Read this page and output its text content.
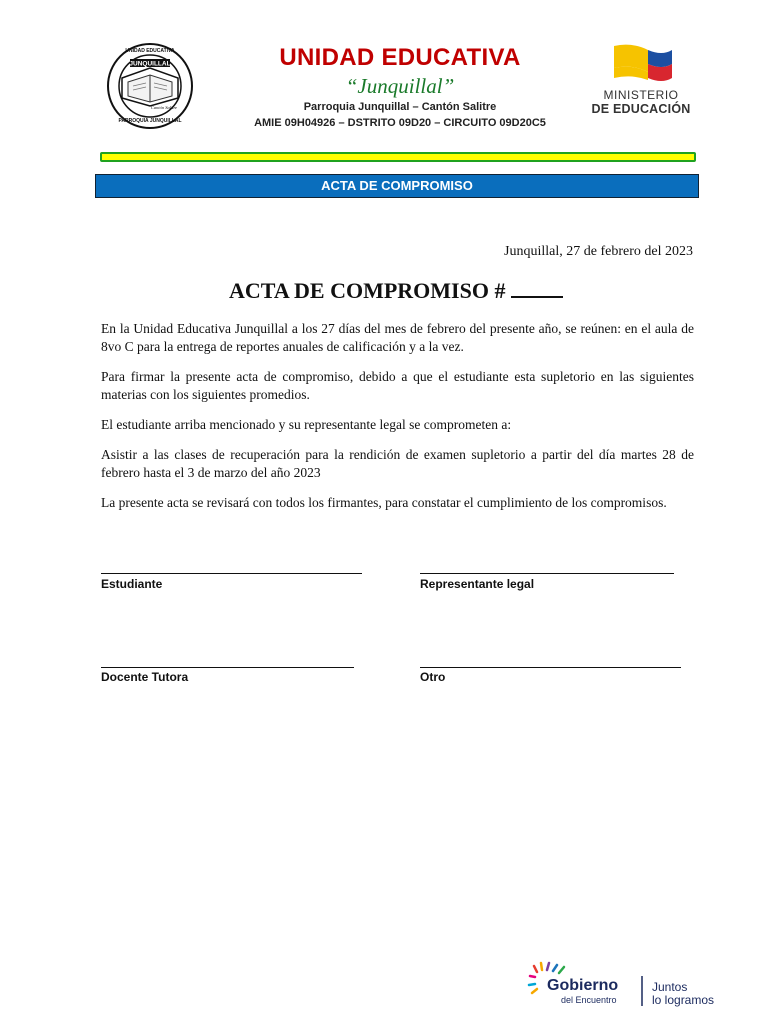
UNIDAD EDUCATIVA
JUNQUILLAL
Cantón Salitre
PARROQUIA JUNQUILLAL
UNIDAD EDUCATIVA
“Junquillal”
Parroquia Junquillal – Cantón Salitre
AMIE 09H04926 – DSTRITO 09D20 – CIRCUITO 09D20C5
MINISTERIO
DE EDUCACIÓN
ACTA DE COMPROMISO
Junquillal, 27 de febrero del 2023
ACTA DE COMPROMISO #
En la Unidad Educativa Junquillal a los 27 días del mes de febrero del presente año, se reúnen: en el aula de 8vo C para la entrega de reportes anuales de calificación y a la vez.
Para firmar la presente acta de compromiso, debido a que el estudiante esta supletorio en las siguientes materias con los siguientes promedios.
El estudiante arriba mencionado y su representante legal se comprometen a:
Asistir a las clases de recuperación para la rendición de examen supletorio a partir del día martes 28 de febrero hasta el 3 de marzo del año 2023
La presente acta se revisará con todos los firmantes, para constatar el cumplimiento de los compromisos.
Estudiante	Representante legal
Docente Tutora	Otro
Gobierno
del Encuentro
Juntos
lo logramos
